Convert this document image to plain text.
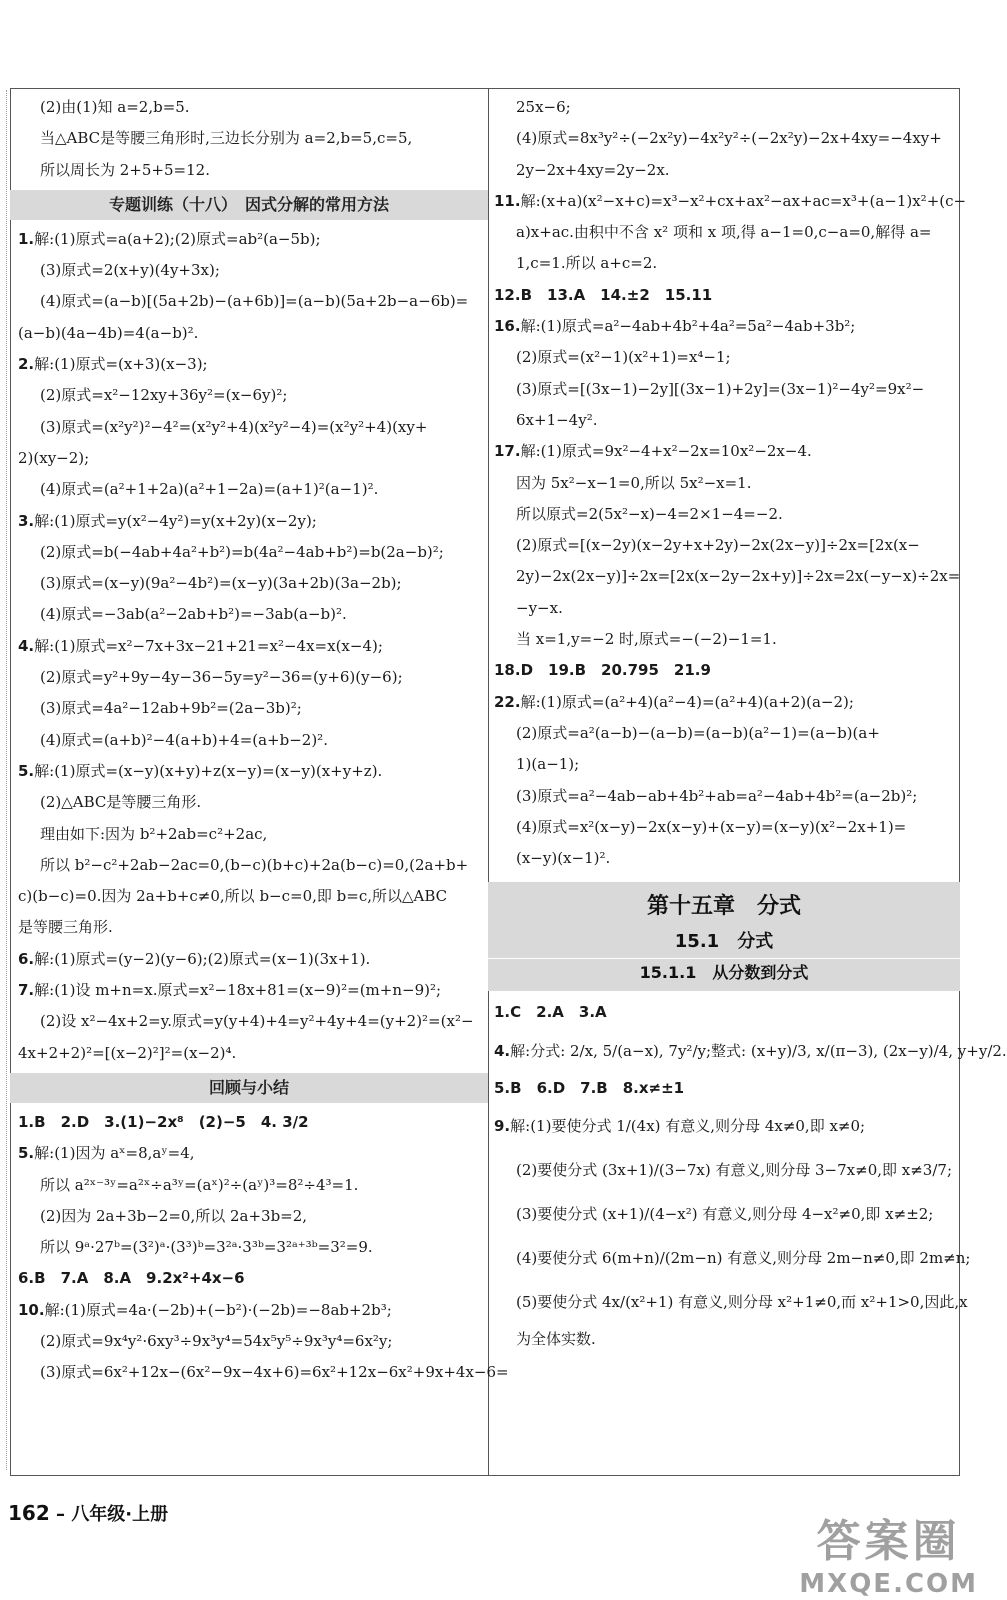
(2)由(1)知 a=2,b=5.
当△ABC是等腰三角形时,三边长分别为 a=2,b=5,c=5,
所以周长为 2+5+5=12.
专题训练（十八）　因式分解的常用方法
1.解:(1)原式=a(a+2);(2)原式=ab²(a−5b);
(3)原式=2(x+y)(4y+3x);
(4)原式=(a−b)[(5a+2b)−(a+6b)]=(a−b)(5a+2b−a−6b)=
(a−b)(4a−4b)=4(a−b)².
2.解:(1)原式=(x+3)(x−3);
(2)原式=x²−12xy+36y²=(x−6y)²;
(3)原式=(x²y²)²−4²=(x²y²+4)(x²y²−4)=(x²y²+4)(xy+
2)(xy−2);
(4)原式=(a²+1+2a)(a²+1−2a)=(a+1)²(a−1)².
3.解:(1)原式=y(x²−4y²)=y(x+2y)(x−2y);
(2)原式=b(−4ab+4a²+b²)=b(4a²−4ab+b²)=b(2a−b)²;
(3)原式=(x−y)(9a²−4b²)=(x−y)(3a+2b)(3a−2b);
(4)原式=−3ab(a²−2ab+b²)=−3ab(a−b)².
4.解:(1)原式=x²−7x+3x−21+21=x²−4x=x(x−4);
(2)原式=y²+9y−4y−36−5y=y²−36=(y+6)(y−6);
(3)原式=4a²−12ab+9b²=(2a−3b)²;
(4)原式=(a+b)²−4(a+b)+4=(a+b−2)².
5.解:(1)原式=(x−y)(x+y)+z(x−y)=(x−y)(x+y+z).
(2)△ABC是等腰三角形.
理由如下:因为 b²+2ab=c²+2ac,
所以 b²−c²+2ab−2ac=0,(b−c)(b+c)+2a(b−c)=0,(2a+b+
c)(b−c)=0.因为 2a+b+c≠0,所以 b−c=0,即 b=c,所以△ABC
是等腰三角形.
6.解:(1)原式=(y−2)(y−6);(2)原式=(x−1)(3x+1).
7.解:(1)设 m+n=x.原式=x²−18x+81=(x−9)²=(m+n−9)²;
(2)设 x²−4x+2=y.原式=y(y+4)+4=y²+4y+4=(y+2)²=(x²−
4x+2+2)²=[(x−2)²]²=(x−2)⁴.
回顾与小结
1.B　2.D　3.(1)−2x⁸　(2)−5　4. 3/2
5.解:(1)因为 aˣ=8,aʸ=4,
所以 a²ˣ⁻³ʸ=a²ˣ÷a³ʸ=(aˣ)²÷(aʸ)³=8²÷4³=1.
(2)因为 2a+3b−2=0,所以 2a+3b=2,
所以 9ᵃ·27ᵇ=(3²)ᵃ·(3³)ᵇ=3²ᵃ·3³ᵇ=3²ᵃ⁺³ᵇ=3²=9.
6.B　7.A　8.A　9.2x²+4x−6
10.解:(1)原式=4a·(−2b)+(−b²)·(−2b)=−8ab+2b³;
(2)原式=9x⁴y²·6xy³÷9x³y⁴=54x⁵y⁵÷9x³y⁴=6x²y;
(3)原式=6x²+12x−(6x²−9x−4x+6)=6x²+12x−6x²+9x+4x−6=
25x−6;
(4)原式=8x³y²÷(−2x²y)−4x²y²÷(−2x²y)−2x+4xy=−4xy+
2y−2x+4xy=2y−2x.
11.解:(x+a)(x²−x+c)=x³−x²+cx+ax²−ax+ac=x³+(a−1)x²+(c−
a)x+ac.由积中不含 x² 项和 x 项,得 a−1=0,c−a=0,解得 a=
1,c=1.所以 a+c=2.
12.B　13.A　14.±2　15.11
16.解:(1)原式=a²−4ab+4b²+4a²=5a²−4ab+3b²;
(2)原式=(x²−1)(x²+1)=x⁴−1;
(3)原式=[(3x−1)−2y][(3x−1)+2y]=(3x−1)²−4y²=9x²−
6x+1−4y².
17.解:(1)原式=9x²−4+x²−2x=10x²−2x−4.
因为 5x²−x−1=0,所以 5x²−x=1.
所以原式=2(5x²−x)−4=2×1−4=−2.
(2)原式=[(x−2y)(x−2y+x+2y)−2x(2x−y)]÷2x=[2x(x−
2y)−2x(2x−y)]÷2x=[2x(x−2y−2x+y)]÷2x=2x(−y−x)÷2x=
−y−x.
当 x=1,y=−2 时,原式=−(−2)−1=1.
18.D　19.B　20.795　21.9
22.解:(1)原式=(a²+4)(a²−4)=(a²+4)(a+2)(a−2);
(2)原式=a²(a−b)−(a−b)=(a−b)(a²−1)=(a−b)(a+
1)(a−1);
(3)原式=a²−4ab−ab+4b²+ab=a²−4ab+4b²=(a−2b)²;
(4)原式=x²(x−y)−2x(x−y)+(x−y)=(x−y)(x²−2x+1)=
(x−y)(x−1)².
第十五章　分式
15.1　分式
15.1.1　从分数到分式
1.C　2.A　3.A
4.解:分式: 2/x, 5/(a−x), 7y²/y;整式: (x+y)/3, x/(π−3), (2x−y)/4, y+y/2.
5.B　6.D　7.B　8.x≠±1
9.解:(1)要使分式 1/(4x) 有意义,则分母 4x≠0,即 x≠0;
(2)要使分式 (3x+1)/(3−7x) 有意义,则分母 3−7x≠0,即 x≠3/7;
(3)要使分式 (x+1)/(4−x²) 有意义,则分母 4−x²≠0,即 x≠±2;
(4)要使分式 6(m+n)/(2m−n) 有意义,则分母 2m−n≠0,即 2m≠n;
(5)要使分式 4x/(x²+1) 有意义,则分母 x²+1≠0,而 x²+1>0,因此,x
为全体实数.
162 – 八年级·上册
答案圈
MXQE.COM
